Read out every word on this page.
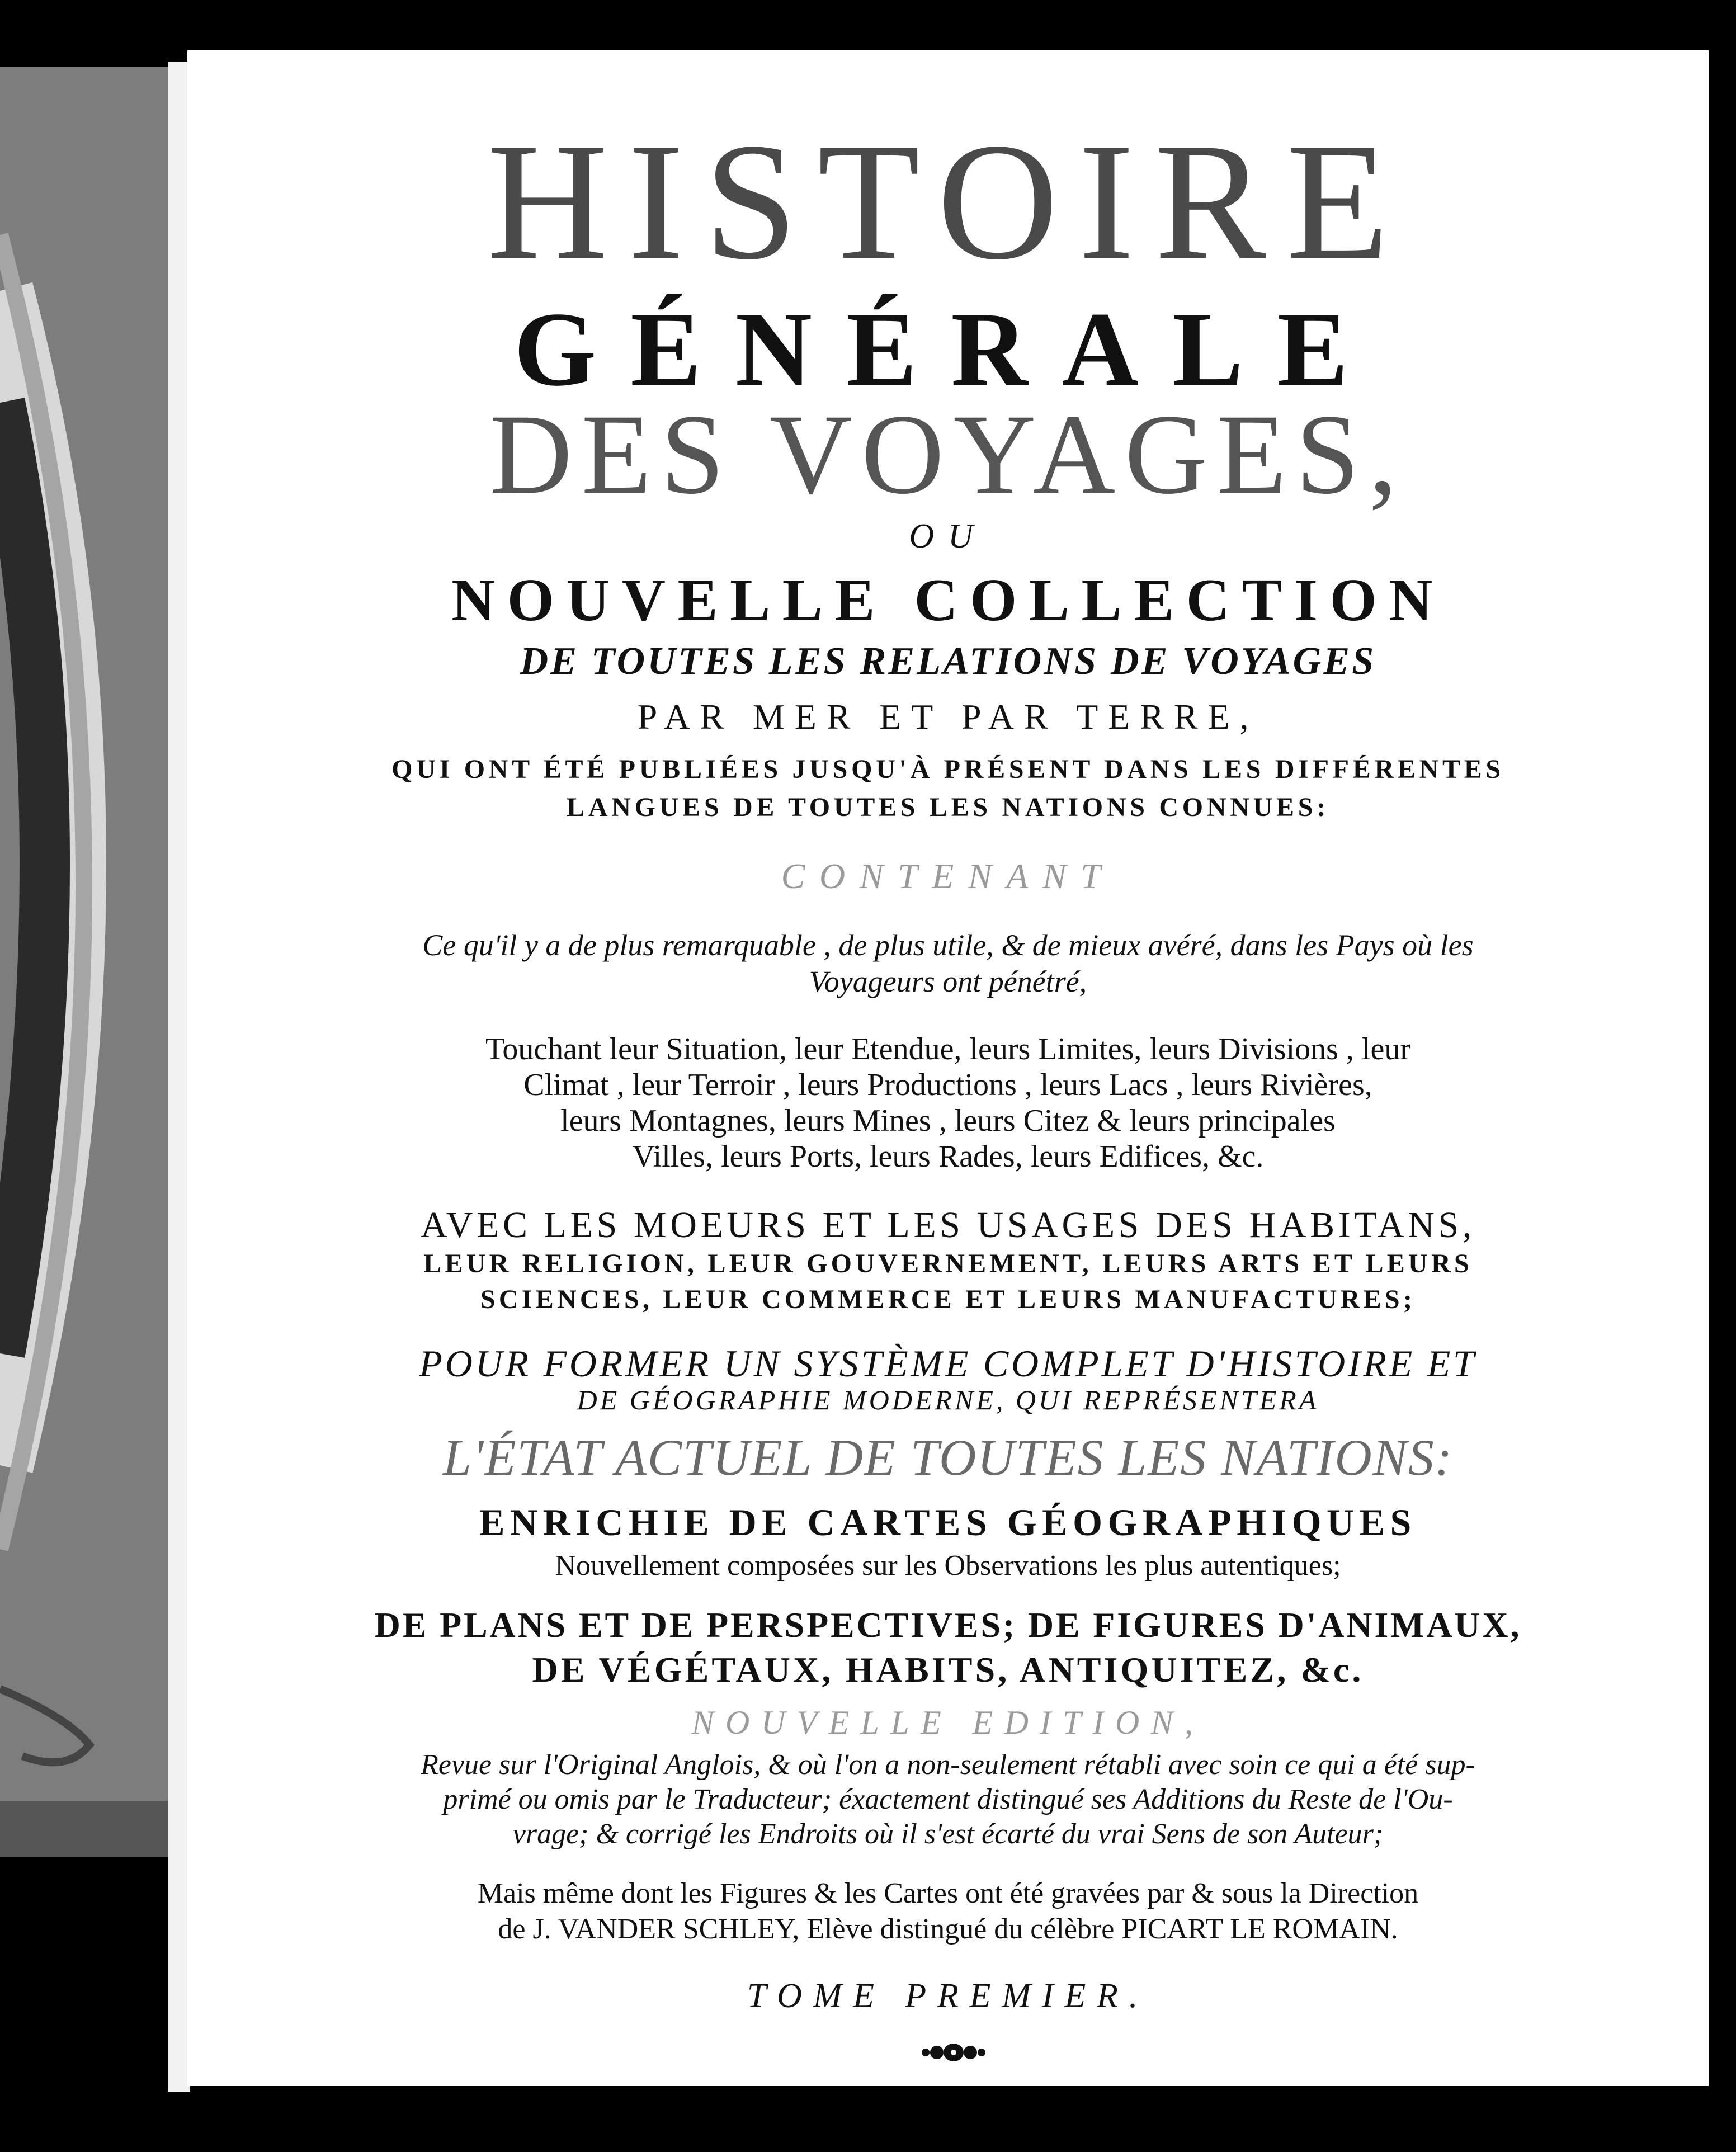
HISTOIRE

GÉNÉRALE

DES VOYAGES,

OU

NOUVELLE COLLECTION

DE TOUTES LES RELATIONS DE VOYAGES

PAR MER ET PAR TERRE,

QUI ONT ÉTÉ PUBLIÉES JUSQU'À PRÉSENT DANS LES DIFFÉRENTES

LANGUES DE TOUTES LES NATIONS CONNUES:

CONTENANT

Ce qu'il y a de plus remarquable , de plus utile, & de mieux avéré, dans les Pays où les

Voyageurs ont pénétré,

Touchant leur Situation, leur Etendue, leurs Limites, leurs Divisions , leur

Climat , leur Terroir , leurs Productions , leurs Lacs , leurs Rivières,

leurs Montagnes, leurs Mines , leurs Citez & leurs principales

Villes, leurs Ports, leurs Rades, leurs Edifices, &c.

AVEC LES MOEURS ET LES USAGES DES HABITANS,

LEUR RELIGION, LEUR GOUVERNEMENT, LEURS ARTS ET LEURS

SCIENCES, LEUR COMMERCE ET LEURS MANUFACTURES;

POUR FORMER UN SYSTÈME COMPLET D'HISTOIRE ET

DE GÉOGRAPHIE MODERNE, QUI REPRÉSENTERA

L'ÉTAT ACTUEL DE TOUTES LES NATIONS:

ENRICHIE DE CARTES GÉOGRAPHIQUES

Nouvellement composées sur les Observations les plus autentiques;

DE PLANS ET DE PERSPECTIVES; DE FIGURES D'ANIMAUX,

DE VÉGÉTAUX, HABITS, ANTIQUITEZ, &c.

NOUVELLE EDITION,

Revue sur l'Original Anglois, & où l'on a non-seulement rétabli avec soin ce qui a été sup-

primé ou omis par le Traducteur; éxactement distingué ses Additions du Reste de l'Ou-

vrage; & corrigé les Endroits où il s'est écarté du vrai Sens de son Auteur;

Mais même dont les Figures & les Cartes ont été gravées par & sous la Direction

de J. VANDER SCHLEY, Elève distingué du célèbre PICART LE ROMAIN.

TOME PREMIER.
